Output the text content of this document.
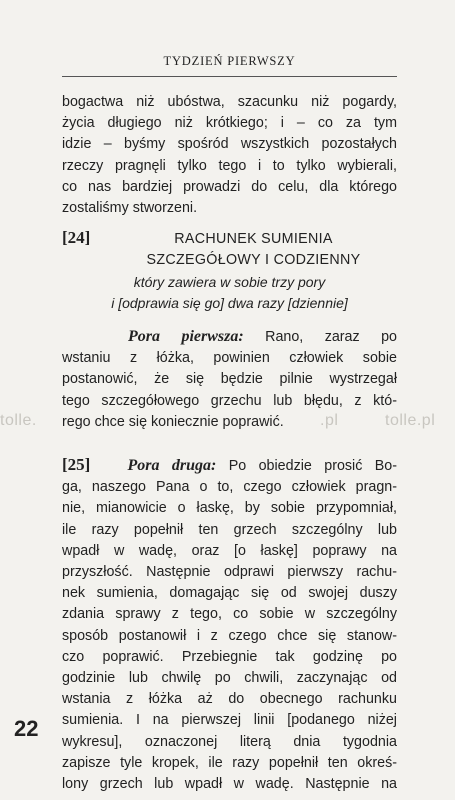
tolle.	.pl	tolle.pl
TYDZIEŃ PIERWSZY

bogactwa niż ubóstwa, szacunku niż pogardy,
życia długiego niż krótkiego; i – co za tym
idzie – byśmy spośród wszystkich pozostałych
rzeczy pragnęli tylko tego i to tylko wybierali,
co nas bardziej prowadzi do celu, dla którego
zostaliśmy stworzeni.

[24]	RACHUNEK SUMIENIA
SZCZEGÓŁOWY I CODZIENNY
który zawiera w sobie trzy pory
i [odprawia się go] dwa razy [dziennie]

Pora pierwsza: Rano, zaraz po
wstaniu z łóżka, powinien człowiek sobie
postanowić, że się będzie pilnie wystrzegał
tego szczegółowego grzechu lub błędu, z któ-
rego chce się koniecznie poprawić.

[25] Pora druga: Po obiedzie prosić Bo-
ga, naszego Pana o to, czego człowiek pragn-
nie, mianowicie o łaskę, by sobie przypomniał,
ile razy popełnił ten grzech szczególny lub
wpadł w wadę, oraz [o łaskę] poprawy na
przyszłość. Następnie odprawi pierwszy rachu-
nek sumienia, domagając się od swojej duszy
zdania sprawy z tego, co sobie w szczególny
sposób postanowił i z czego chce się stanow-
czo poprawić. Przebiegnie tak godzinę po
godzinie lub chwilę po chwili, zaczynając od
wstania z łóżka aż do obecnego rachunku
sumienia. I na pierwszej linii [podanego niżej
wykresu], oznaczonej literą dnia tygodnia
zapisze tyle kropek, ile razy popełnił ten okreś-
lony grzech lub wpadł w wadę. Następnie na

22
